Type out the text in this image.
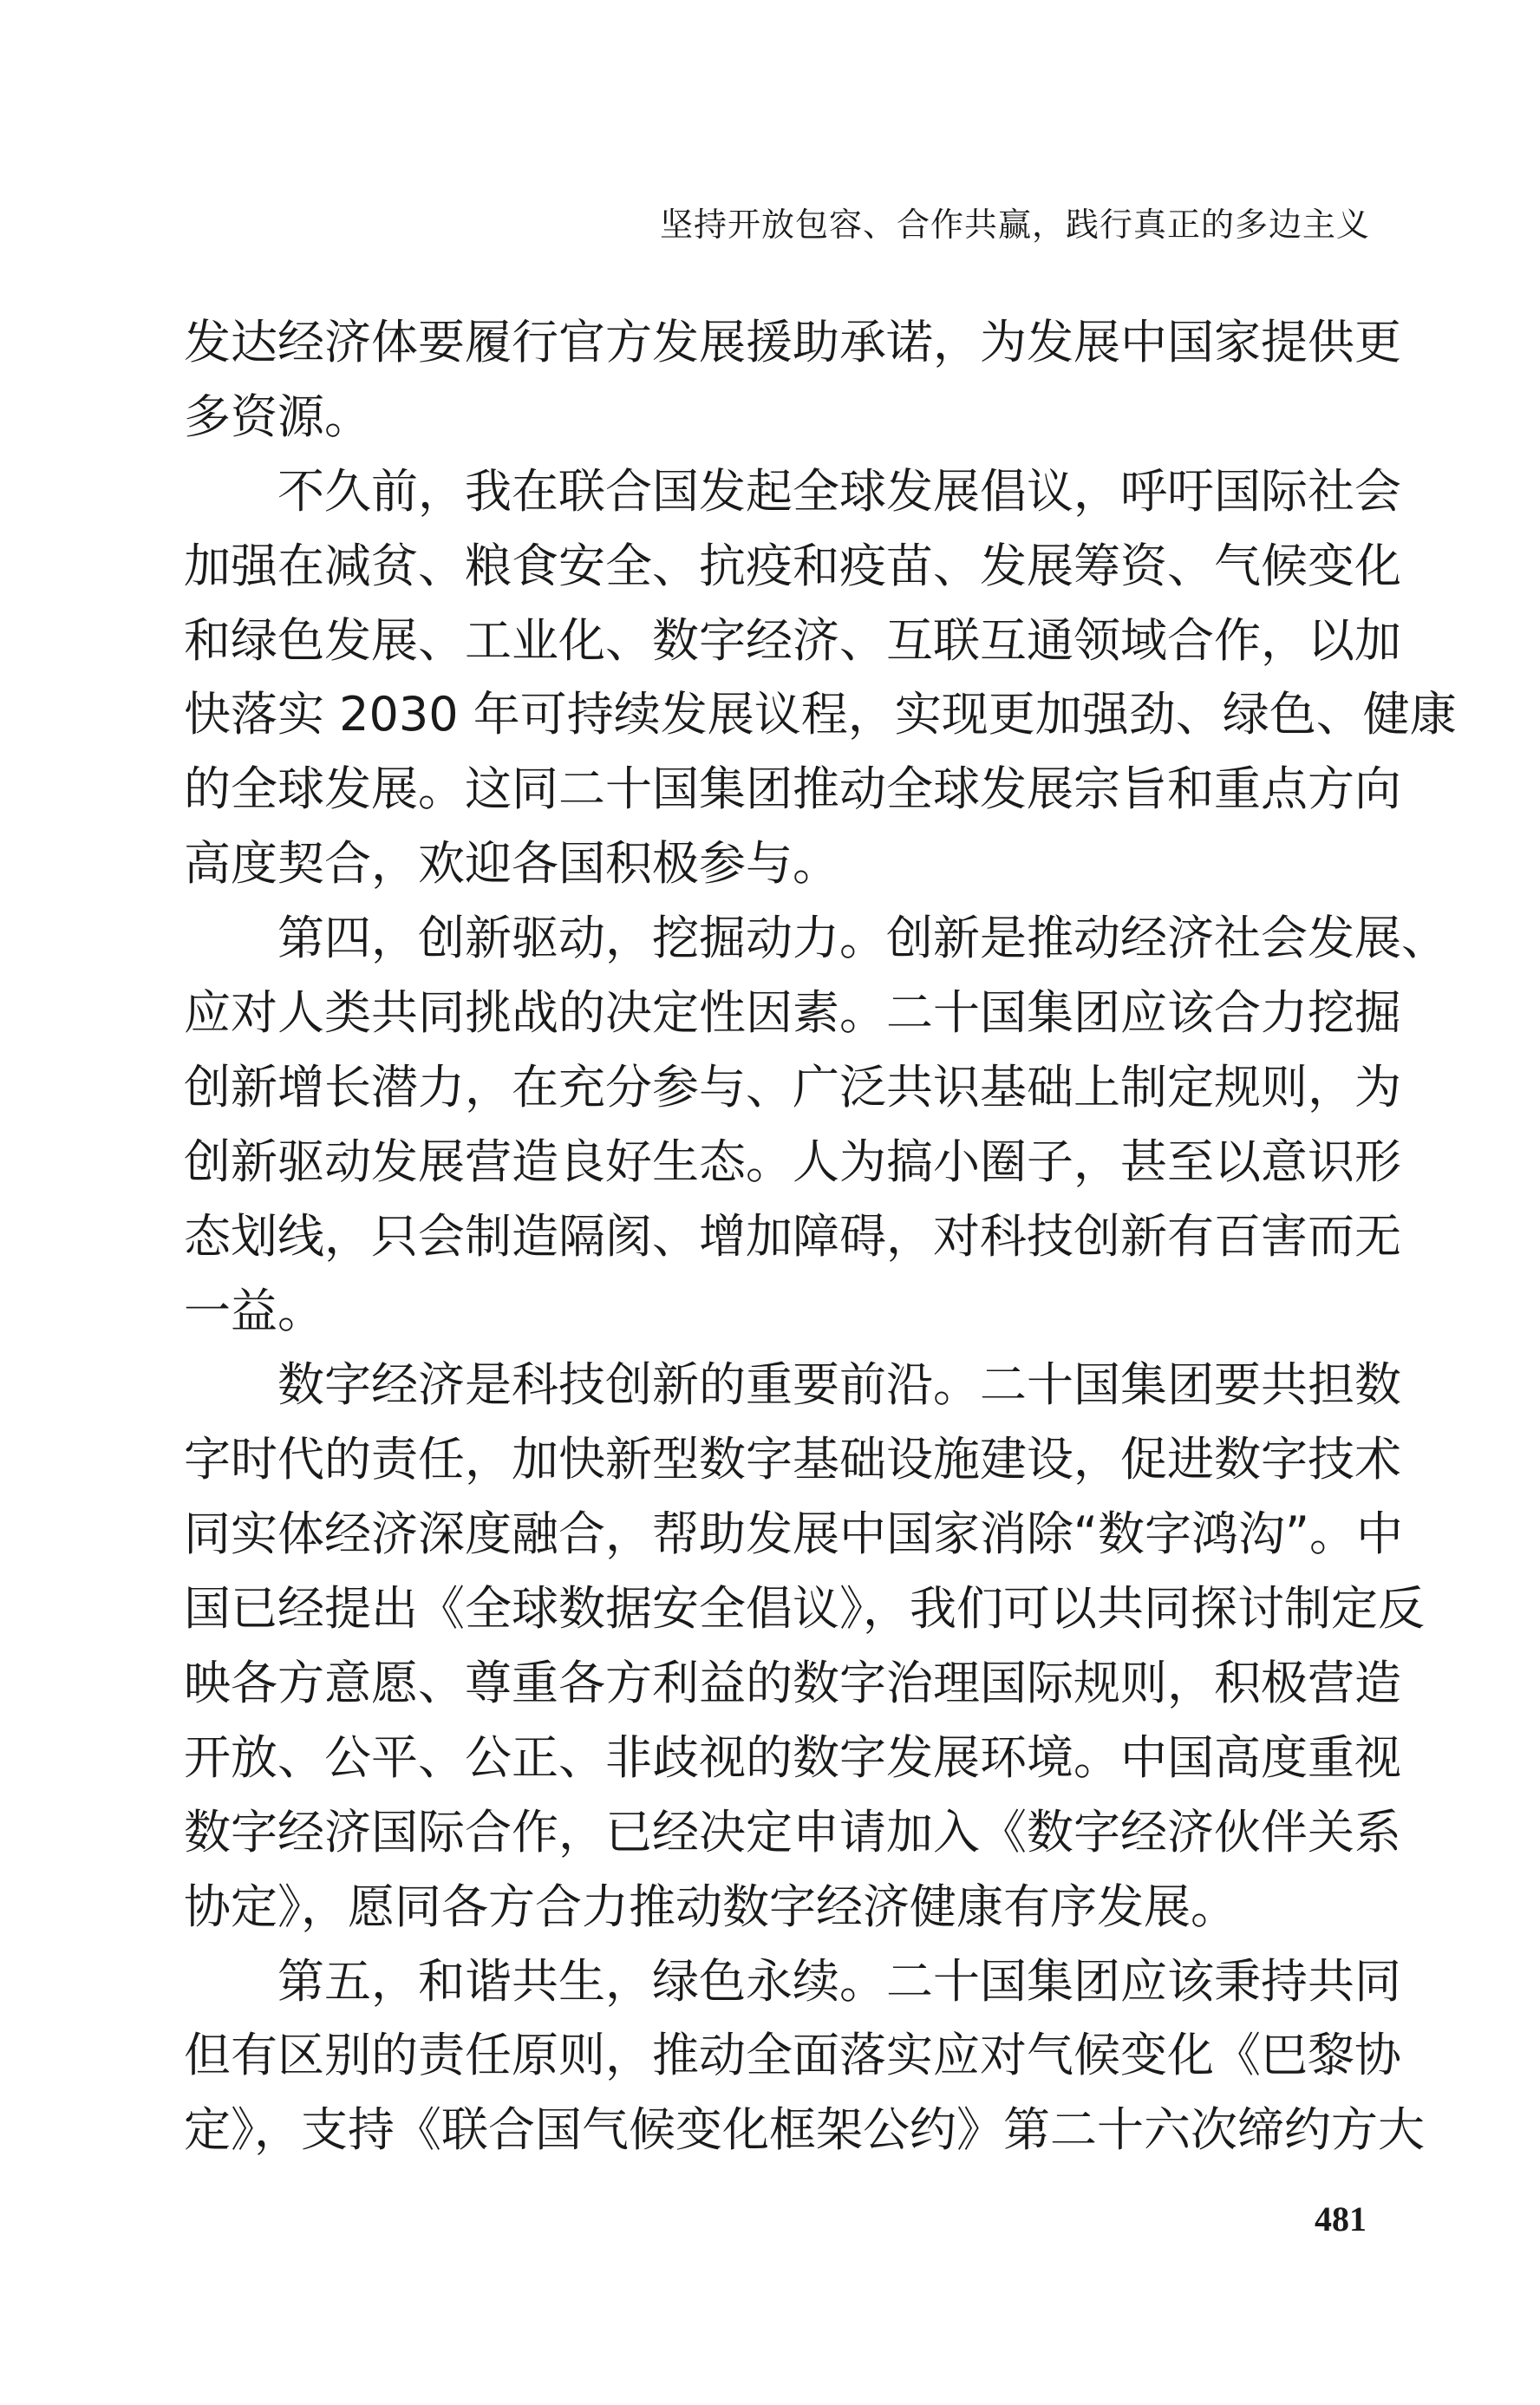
坚持开放包容、合作共赢，践行真正的多边主义
发达经济体要履行官方发展援助承诺，为发展中国家提供更
多资源。
不久前，我在联合国发起全球发展倡议，呼吁国际社会
加强在减贫、粮食安全、抗疫和疫苗、发展筹资、气候变化
和绿色发展、工业化、数字经济、互联互通领域合作，以加
快落实 2030 年可持续发展议程，实现更加强劲、绿色、健康
的全球发展。这同二十国集团推动全球发展宗旨和重点方向
高度契合，欢迎各国积极参与。
第四，创新驱动，挖掘动力。创新是推动经济社会发展、
应对人类共同挑战的决定性因素。二十国集团应该合力挖掘
创新增长潜力，在充分参与、广泛共识基础上制定规则，为
创新驱动发展营造良好生态。人为搞小圈子，甚至以意识形
态划线，只会制造隔阂、增加障碍，对科技创新有百害而无
一益。
数字经济是科技创新的重要前沿。二十国集团要共担数
字时代的责任，加快新型数字基础设施建设，促进数字技术
同实体经济深度融合，帮助发展中国家消除“数字鸿沟”。中
国已经提出《全球数据安全倡议》，我们可以共同探讨制定反
映各方意愿、尊重各方利益的数字治理国际规则，积极营造
开放、公平、公正、非歧视的数字发展环境。中国高度重视
数字经济国际合作，已经决定申请加入《数字经济伙伴关系
协定》，愿同各方合力推动数字经济健康有序发展。
第五，和谐共生，绿色永续。二十国集团应该秉持共同
但有区别的责任原则，推动全面落实应对气候变化《巴黎协
定》，支持《联合国气候变化框架公约》第二十六次缔约方大
481
